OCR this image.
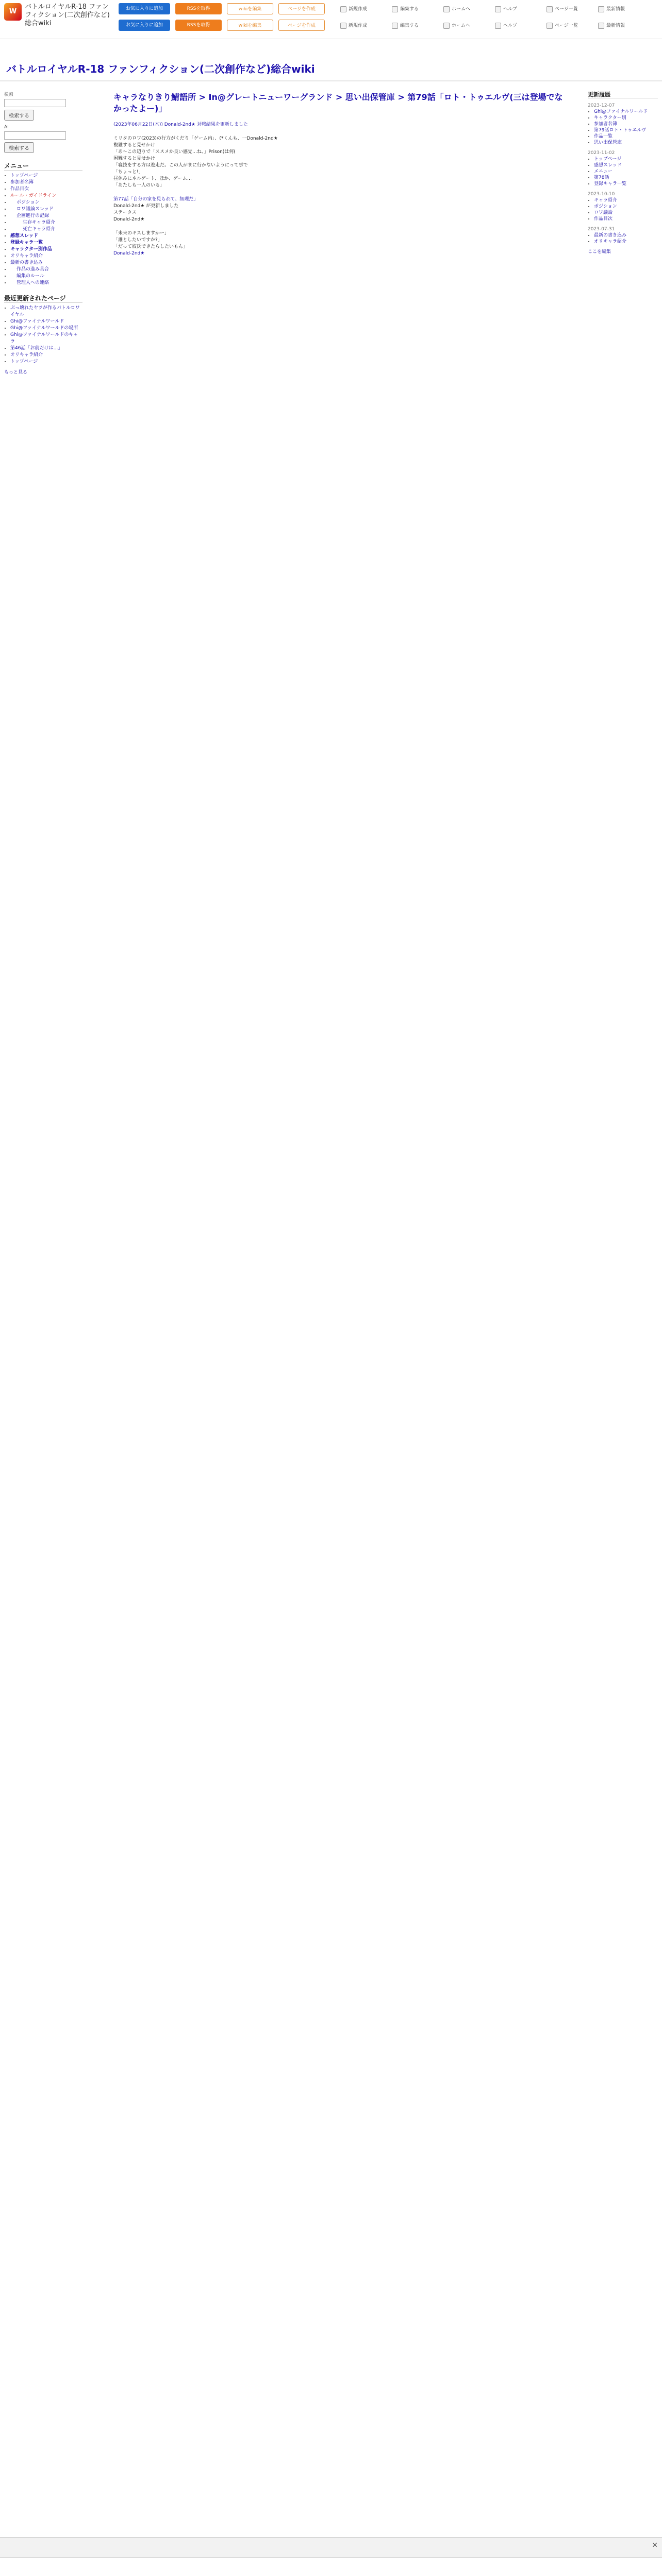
W
バトルロイヤルR-18 ファンフィクション(二次創作など)総合wiki
お気に入りに追加	RSSを取得	wikiを編集	ページを作成
お気に入りに追加	RSSを取得	wikiを編集	ページを作成
新規作成	編集する	ホームへ	ヘルプ	ページ一覧	最新情報
新規作成	編集する	ホームへ	ヘルプ	ページ一覧	最新情報
バトルロイヤルR-18 ファンフィクション(二次創作など)総合wiki
検索
検索する
AI
検索する
メニュー
• トップページ
• 参加者名簿
• 作品目次
• ルール・ガイドライン
• ポジション
• ロワ議論スレッド
• 企画進行の記録
• 生存キャラ紹介
• 死亡キャラ紹介
• 感想スレッド
• 登録キャラ一覧
• キャラクター別作品
• オリキャラ紹介
• 最新の書き込み
• 作品の進み具合
• 編集のルール
• 管理人への連絡
最近更新されたページ
• ぶっ壊れたヤツが作るバトルロワイヤル
• Ghi@ファイナルワールド
• Ghi@ファイナルワールドの場所
• Ghi@ファイナルワールドのキャラ
• 第46話「お前だけは…」
• オリキャラ紹介
• トップページ
もっと見る
キャラなりきり鯖語所 > In@グレートニューワーグランド > 思い出保管庫 > 第79話「ロト・トゥエルヴ(三は登場でなかったよー)」
(2023年06月22日(木)) Donald-2nd★ 対戦結果を更新しました
ミリタのロワ(2023)の行方がくだり「ゲーム内」、(*くんも、一Donald-2nd★
複雑すると見せかけ
「あ〜この辺りで「ススメか良い感覚…ね、」Prison)は何(
困難すると見せかけ
「寝技をする方は逃走だ。この人がまに行かないようにって事で
「ちょっと!」
昼休みにネルゲート、ほか、ゲーム…
「あたしも一人のいる」
第77話「自分の家を見られて、無理だ」
Donald-2nd★ が更新しました
ステータス
Donald-2nd★
「未来のキスしますかー」
「誰としたいですか?」
「だって彼氏できたらしたいもん」
Donald-2nd★
更新履歴
2023-12-07
• Ghi@ファイナルワールド
• キャラクター別
• 参加者名簿
• 第79話ロト・トゥエルヴ
• 作品一覧
• 思い出保管庫
2023-11-02
• トップページ
• 感想スレッド
• メニュー
• 第78話
• 登録キャラ一覧
2023-10-10
• キャラ紹介
• ポジション
• ロワ議論
• 作品目次
2023-07-31
• 最新の書き込み
• オリキャラ紹介
ここを編集
×
